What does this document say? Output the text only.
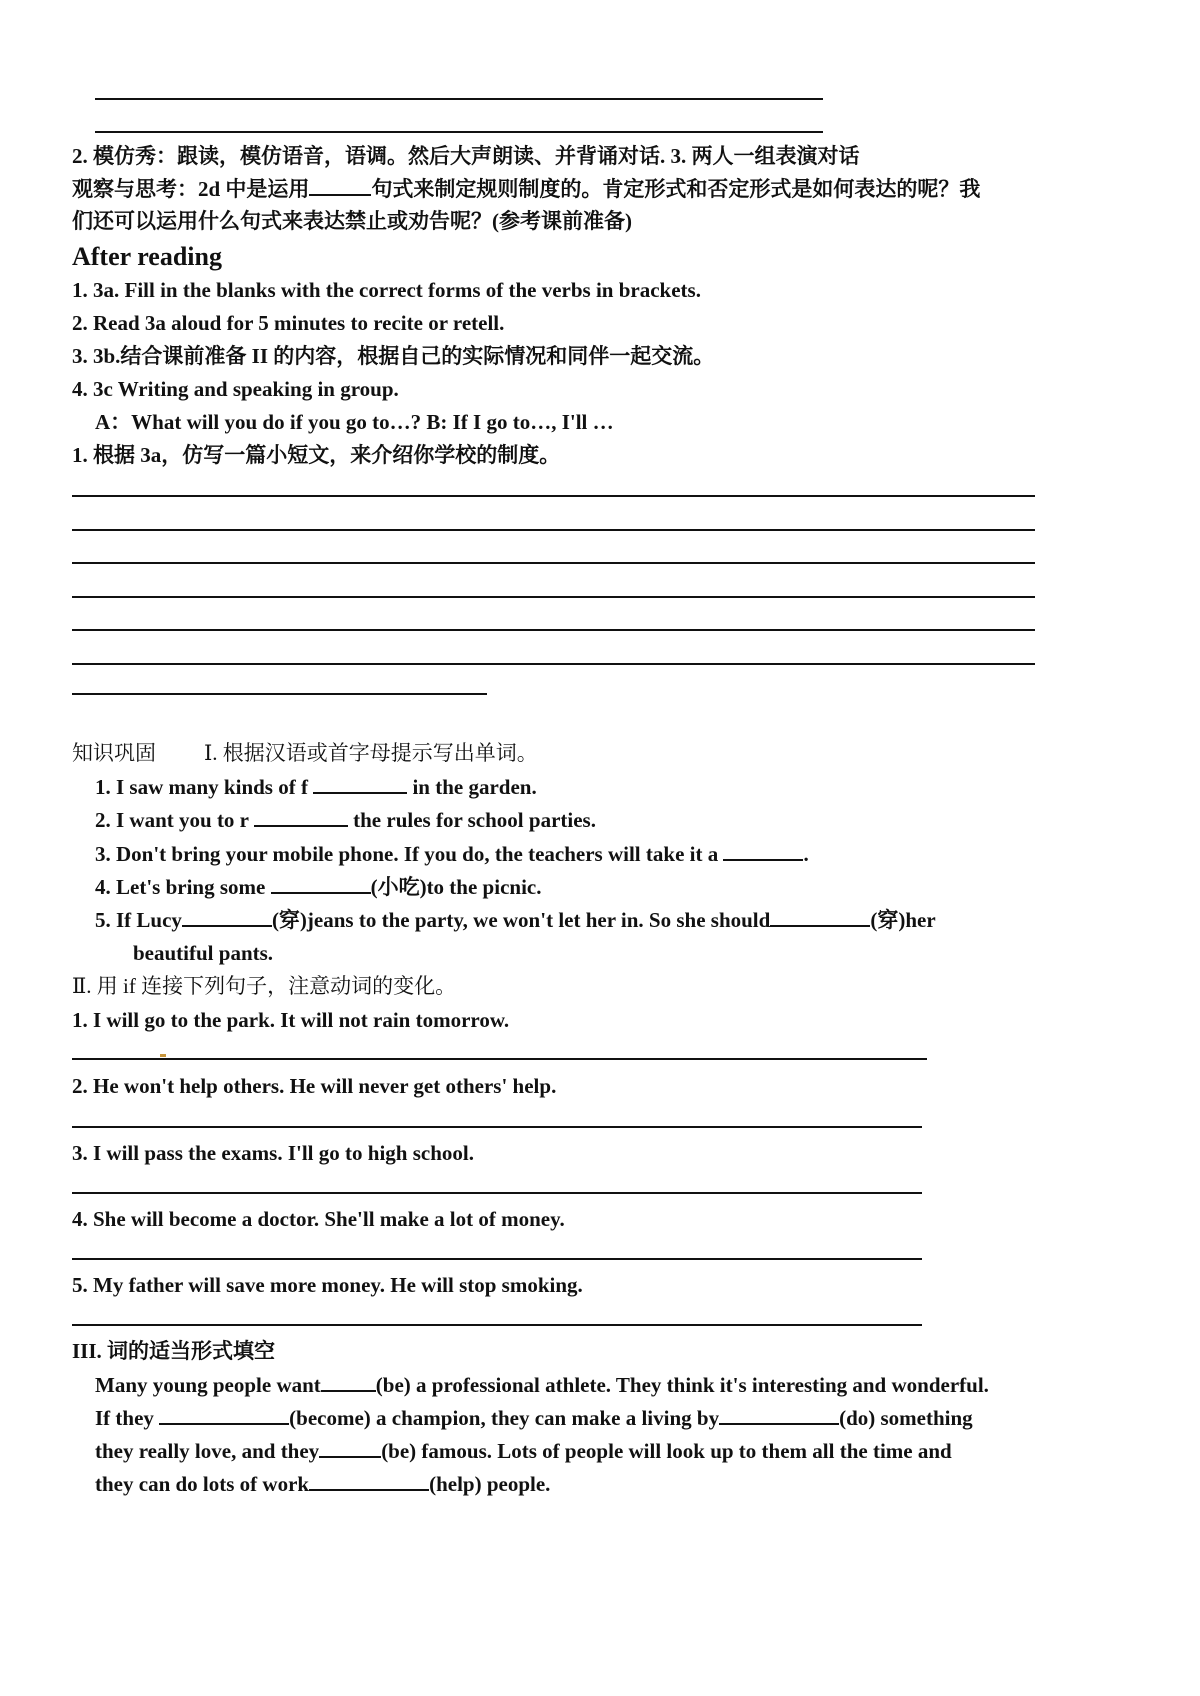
2. 模仿秀：跟读，模仿语音，语调。然后大声朗读、并背诵对话. 3. 两人一组表演对话
观察与思考：2d 中是运用	句式来制定规则制度的。肯定形式和否定形式是如何表达的呢？我
们还可以运用什么句式来表达禁止或劝告呢？(参考课前准备)
After reading
1. 3a. Fill in the blanks with the correct forms of the verbs in brackets.
2. Read 3a aloud for 5 minutes to recite or retell.
3. 3b.结合课前准备 II 的内容，根据自己的实际情况和同伴一起交流。
4. 3c Writing and speaking in group.
A：What will you do if you go to…? B: If I go to…, I'll …
1. 根据 3a，仿写一篇小短文，来介绍你学校的制度。
知识巩固 Ⅰ. 根据汉语或首字母提示写出单词。
1. I saw many kinds of f	in the garden.
2. I want you to r	the rules for school parties.
3. Don't bring your mobile phone. If you do, the teachers will take it a	.
4. Let's bring some	(小吃)to the picnic.
5. If Lucy	(穿)jeans to the party, we won't let her in. So she should	(穿)her
beautiful pants.
Ⅱ. 用 if 连接下列句子，注意动词的变化。
1. I will go to the park. It will not rain tomorrow.
2. He won't help others. He will never get others' help.
3. I will pass the exams. I'll go to high school.
4. She will become a doctor. She'll make a lot of money.
5. My father will save more money. He will stop smoking.
III. 词的适当形式填空
Many young people want	(be) a professional athlete. They think it's interesting and wonderful.
If they	(become) a champion, they can make a living by	(do) something
they really love, and they	(be) famous. Lots of people will look up to them all the time and
they can do lots of work	(help) people.
